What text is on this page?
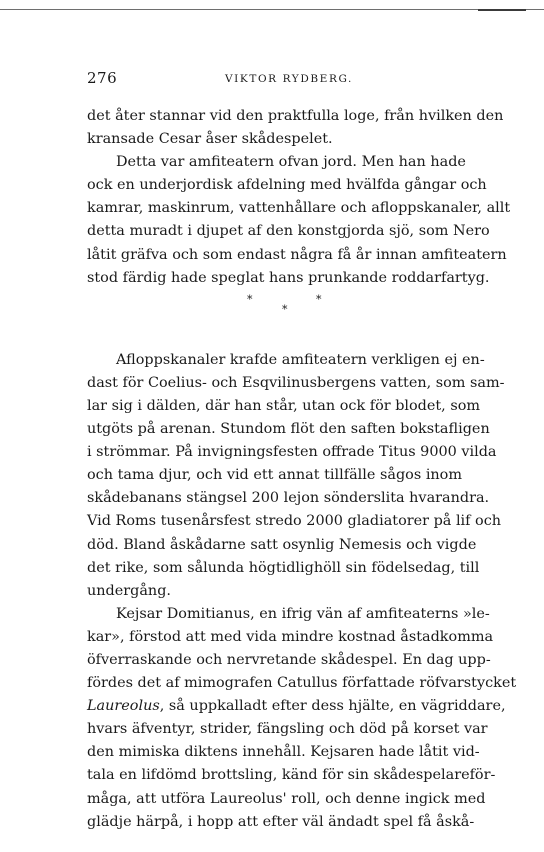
276	VIKTOR RYDBERG.
det åter stannar vid den praktfulla loge, från hvilken den
kransade Cesar åser skådespelet.
Detta var amfiteatern ofvan jord. Men han hade
ock en underjordisk afdelning med hvälfda gångar och
kamrar, maskinrum, vattenhållare och afloppskanaler, allt
detta muradt i djupet af den konstgjorda sjö, som Nero
låtit gräfva och som endast några få år innan amfiteatern
stod färdig hade speglat hans prunkande roddarfartyg.
*
*
*
Afloppskanaler krafde amfiteatern verkligen ej en-
dast för Coelius- och Esqvilinusbergens vatten, som sam-
lar sig i dälden, där han står, utan ock för blodet, som
utgöts på arenan. Stundom flöt den saften bokstafligen
i strömmar. På invigningsfesten offrade Titus 9000 vilda
och tama djur, och vid ett annat tillfälle sågos inom
skådebanans stängsel 200 lejon sönderslita hvarandra.
Vid Roms tusenårsfest stredo 2000 gladiatorer på lif och
död. Bland åskådarne satt osynlig Nemesis och vigde
det rike, som sålunda högtidlighöll sin födelsedag, till
undergång.
Kejsar Domitianus, en ifrig vän af amfiteaterns »le-
kar», förstod att med vida mindre kostnad åstadkomma
öfverraskande och nervretande skådespel. En dag upp-
fördes det af mimografen Catullus författade röfvarstycket
Laureolus, så uppkalladt efter dess hjälte, en vägriddare,
hvars äfventyr, strider, fängsling och död på korset var
den mimiska diktens innehåll. Kejsaren hade låtit vid-
tala en lifdömd brottsling, känd för sin skådespelareför-
måga, att utföra Laureolus' roll, och denne ingick med
glädje härpå, i hopp att efter väl ändadt spel få åskå-
